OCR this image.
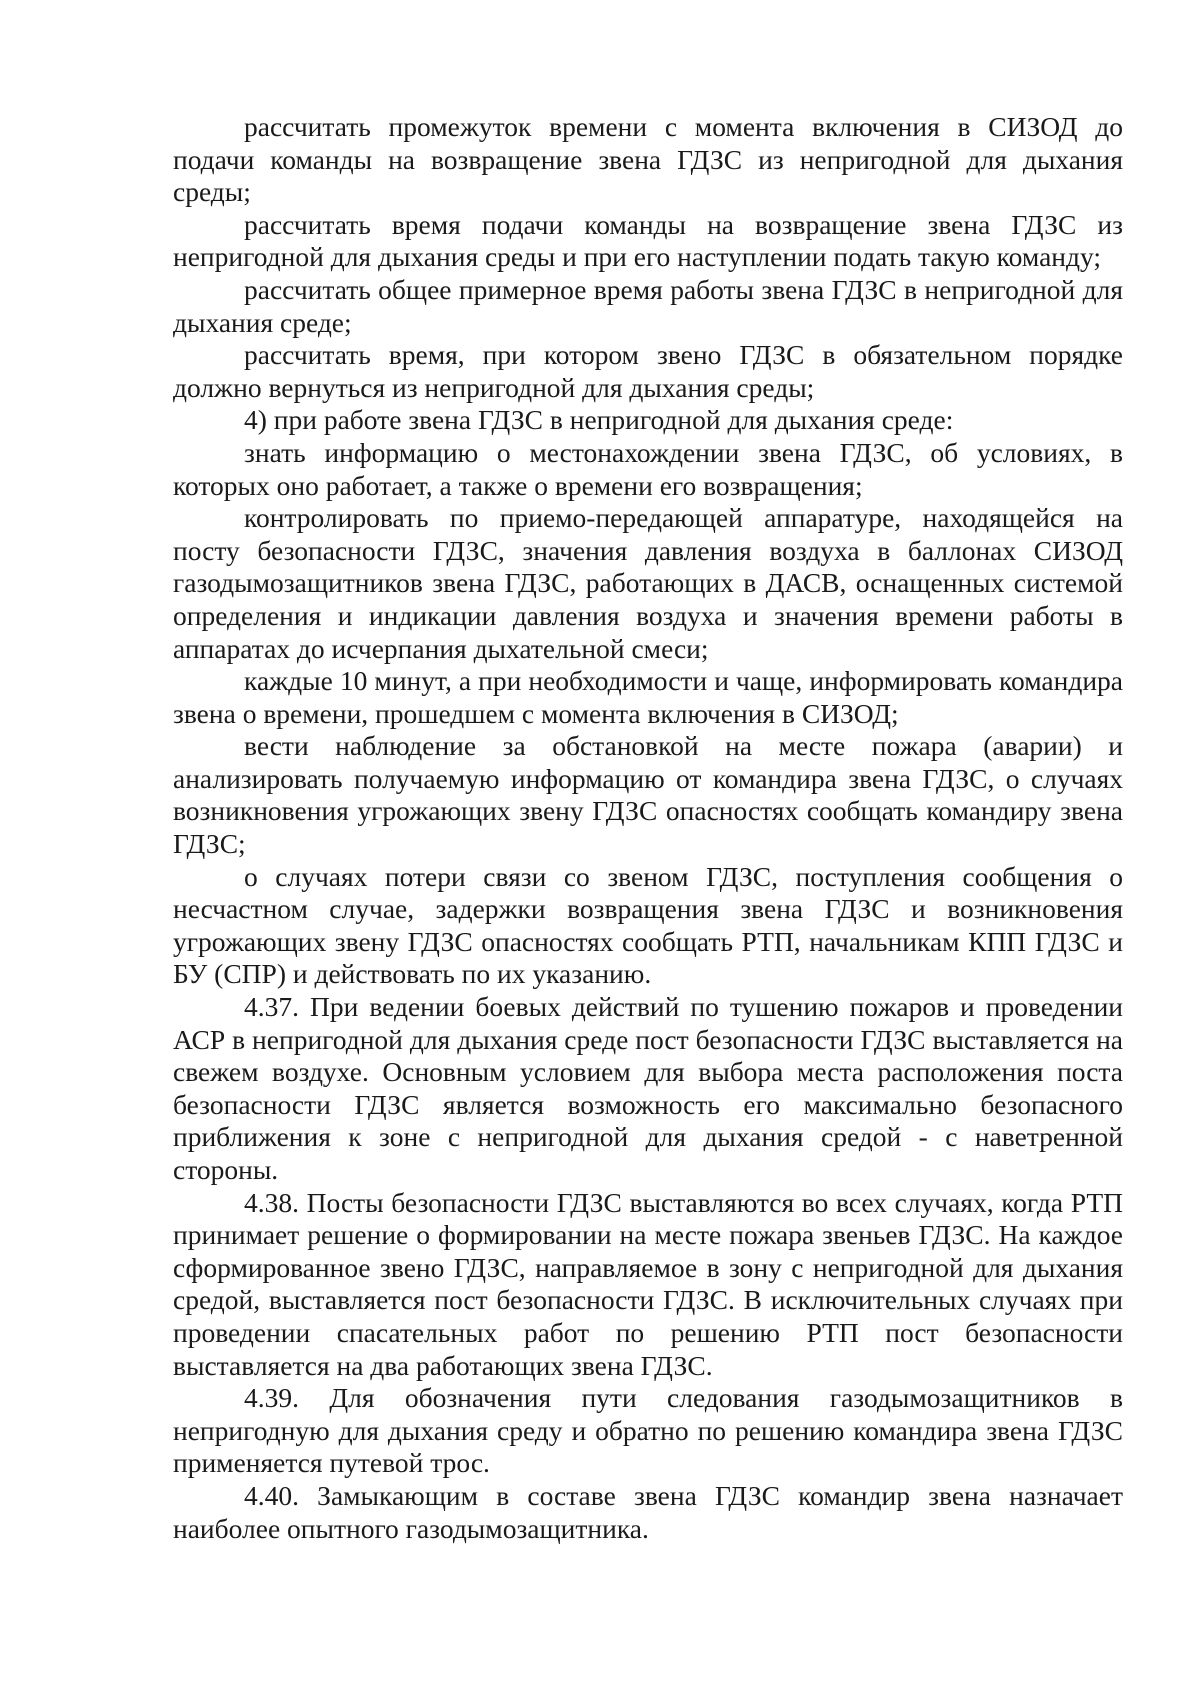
рассчитать промежуток времени с момента включения в СИЗОД до подачи команды на возвращение звена ГДЗС из непригодной для дыхания среды;

рассчитать время подачи команды на возвращение звена ГДЗС из непригодной для дыхания среды и при его наступлении подать такую команду;

рассчитать общее примерное время работы звена ГДЗС в непригодной для дыхания среде;

рассчитать время, при котором звено ГДЗС в обязательном порядке должно вернуться из непригодной для дыхания среды;

4) при работе звена ГДЗС в непригодной для дыхания среде:

знать информацию о местонахождении звена ГДЗС, об условиях, в которых оно работает, а также о времени его возвращения;

контролировать по приемо-передающей аппаратуре, находящейся на посту безопасности ГДЗС, значения давления воздуха в баллонах СИЗОД газодымозащитников звена ГДЗС, работающих в ДАСВ, оснащенных системой определения и индикации давления воздуха и значения времени работы в аппаратах до исчерпания дыхательной смеси;

каждые 10 минут, а при необходимости и чаще, информировать командира звена о времени, прошедшем с момента включения в СИЗОД;

вести наблюдение за обстановкой на месте пожара (аварии) и анализировать получаемую информацию от командира звена ГДЗС, о случаях возникновения угрожающих звену ГДЗС опасностях сообщать командиру звена ГДЗС;

о случаях потери связи со звеном ГДЗС, поступления сообщения о несчастном случае, задержки возвращения звена ГДЗС и возникновения угрожающих звену ГДЗС опасностях сообщать РТП, начальникам КПП ГДЗС и БУ (СПР) и действовать по их указанию.

4.37. При ведении боевых действий по тушению пожаров и проведении АСР в непригодной для дыхания среде пост безопасности ГДЗС выставляется на свежем воздухе. Основным условием для выбора места расположения поста безопасности ГДЗС является возможность его максимально безопасного приближения к зоне с непригодной для дыхания средой - с наветренной стороны.

4.38. Посты безопасности ГДЗС выставляются во всех случаях, когда РТП принимает решение о формировании на месте пожара звеньев ГДЗС. На каждое сформированное звено ГДЗС, направляемое в зону с непригодной для дыхания средой, выставляется пост безопасности ГДЗС. В исключительных случаях при проведении спасательных работ по решению РТП пост безопасности выставляется на два работающих звена ГДЗС.

4.39. Для обозначения пути следования газодымозащитников в непригодную для дыхания среду и обратно по решению командира звена ГДЗС применяется путевой трос.

4.40. Замыкающим в составе звена ГДЗС командир звена назначает наиболее опытного газодымозащитника.
